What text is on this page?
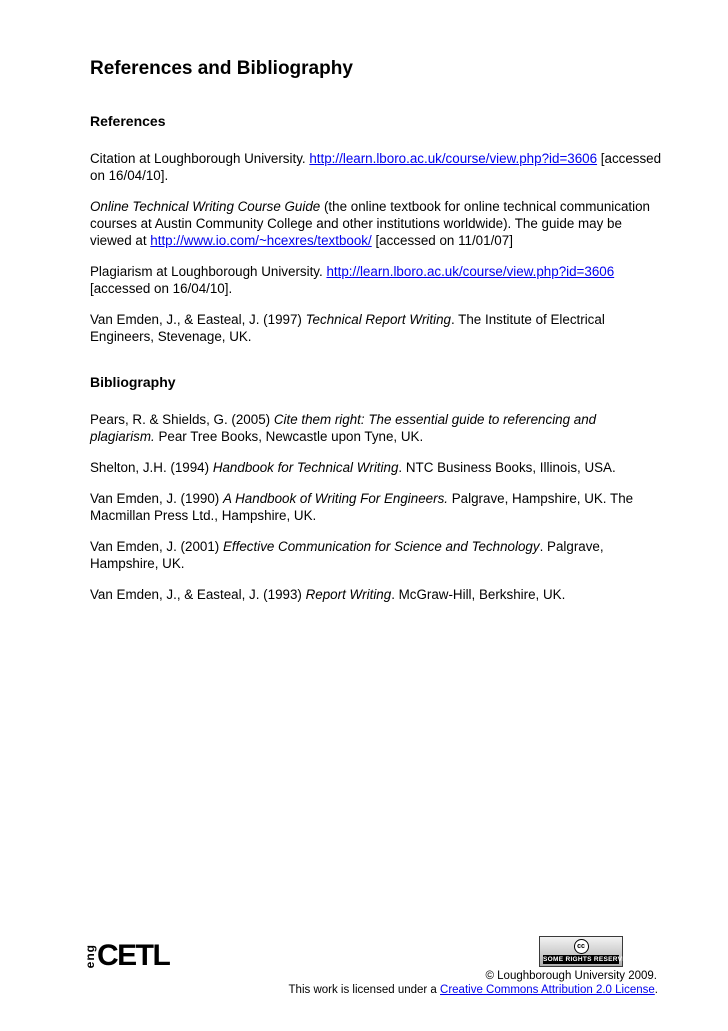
References and Bibliography
References

Citation at Loughborough University. http://learn.lboro.ac.uk/course/view.php?id=3606 [accessed on 16/04/10].

Online Technical Writing Course Guide (the online textbook for online technical communication courses at Austin Community College and other institutions worldwide). The guide may be viewed at http://www.io.com/~hcexres/textbook/ [accessed on 11/01/07]

Plagiarism at Loughborough University. http://learn.lboro.ac.uk/course/view.php?id=3606 [accessed on 16/04/10].

Van Emden, J., & Easteal, J. (1997) Technical Report Writing. The Institute of Electrical Engineers, Stevenage, UK.

Bibliography

Pears, R. & Shields, G. (2005) Cite them right: The essential guide to referencing and plagiarism. Pear Tree Books, Newcastle upon Tyne, UK.

Shelton, J.H. (1994) Handbook for Technical Writing. NTC Business Books, Illinois, USA.

Van Emden, J. (1990) A Handbook of Writing For Engineers. Palgrave, Hampshire, UK. The Macmillan Press Ltd., Hampshire, UK.

Van Emden, J. (2001) Effective Communication for Science and Technology. Palgrave, Hampshire, UK.

Van Emden, J., & Easteal, J. (1993) Report Writing. McGraw-Hill, Berkshire, UK.

eng CETL	cc
SOME RIGHTS RESERVED
© Loughborough University 2009.
This work is licensed under a Creative Commons Attribution 2.0 License.
